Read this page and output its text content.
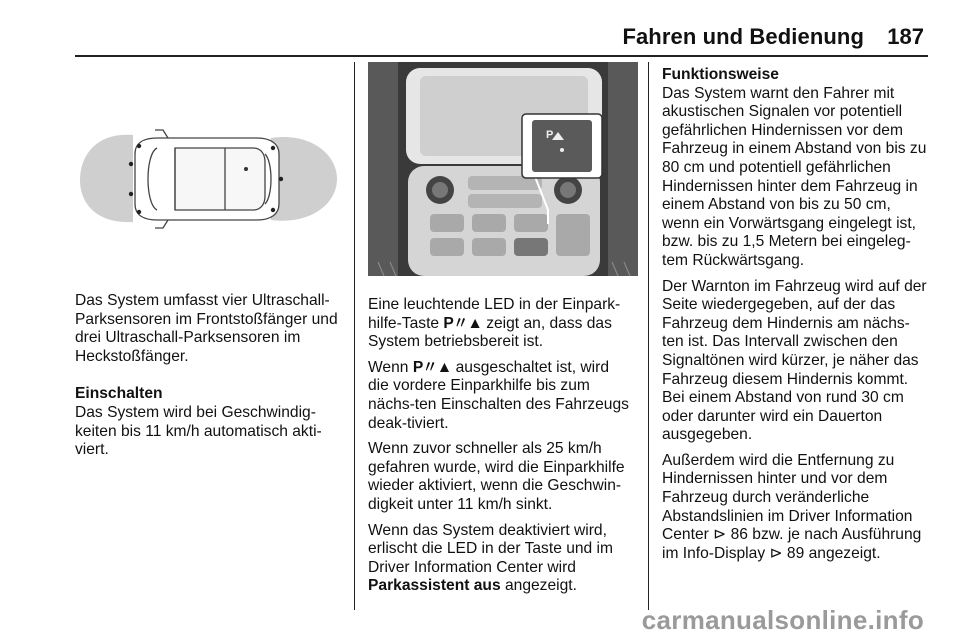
Fahren und Bedienung 187
P

Das System umfasst vier Ultraschall-Parksensoren im Frontstoßfänger und drei Ultraschall-Parksensoren im Heckstoßfänger.

Einschalten

Das System wird bei Geschwindig-keiten bis 11 km/h automatisch akti-viert.

Eine leuchtende LED in der Einpark-hilfe-Taste P〃▲ zeigt an, dass das System betriebsbereit ist.

Wenn P〃▲ ausgeschaltet ist, wird die vordere Einparkhilfe bis zum nächs-ten Einschalten des Fahrzeugs deak-tiviert.

Wenn zuvor schneller als 25 km/h gefahren wurde, wird die Einparkhilfe wieder aktiviert, wenn die Geschwin-digkeit unter 11 km/h sinkt.

Wenn das System deaktiviert wird, erlischt die LED in der Taste und im Driver Information Center wird Parkassistent aus angezeigt.

Funktionsweise

Das System warnt den Fahrer mit akustischen Signalen vor potentiell gefährlichen Hindernissen vor dem Fahrzeug in einem Abstand von bis zu 80 cm und potentiell gefährlichen Hindernissen hinter dem Fahrzeug in einem Abstand von bis zu 50 cm, wenn ein Vorwärtsgang eingelegt ist, bzw. bis zu 1,5 Metern bei eingeleg-tem Rückwärtsgang.

Der Warnton im Fahrzeug wird auf der Seite wiedergegeben, auf der das Fahrzeug dem Hindernis am nächs-ten ist. Das Intervall zwischen den Signaltönen wird kürzer, je näher das Fahrzeug diesem Hindernis kommt. Bei einem Abstand von rund 30 cm oder darunter wird ein Dauerton ausgegeben.

Außerdem wird die Entfernung zu Hindernissen hinter und vor dem Fahrzeug durch veränderliche Abstandslinien im Driver Information Center ⊳ 86 bzw. je nach Ausführung im Info-Display ⊳ 89 angezeigt.

carmanualsonline.info
